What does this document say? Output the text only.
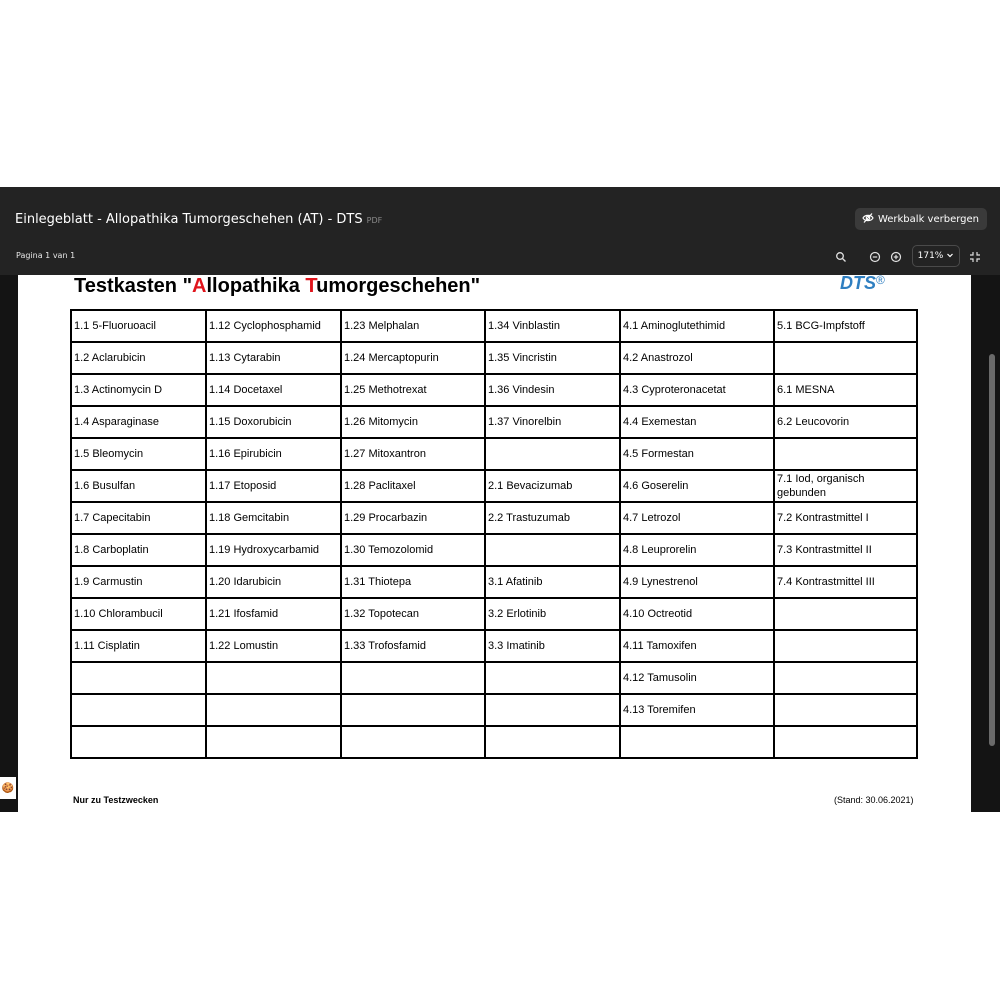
Einlegeblatt - Allopathika Tumorgeschehen (AT) - DTS PDF	Werkbalk verbergen
Pagina 1 van 1	171%
Testkasten "Allopathika Tumorgeschehen"	DTS®
1.1 5-Fluoruoacil	1.12 Cyclophosphamid	1.23 Melphalan	1.34 Vinblastin	4.1 Aminoglutethimid	5.1 BCG-Impfstoff
1.2 Aclarubicin	1.13 Cytarabin	1.24 Mercaptopurin	1.35 Vincristin	4.2 Anastrozol	
1.3 Actinomycin D	1.14 Docetaxel	1.25 Methotrexat	1.36 Vindesin	4.3 Cyproteronacetat	6.1 MESNA
1.4 Asparaginase	1.15 Doxorubicin	1.26 Mitomycin	1.37 Vinorelbin	4.4 Exemestan	6.2 Leucovorin
1.5 Bleomycin	1.16 Epirubicin	1.27 Mitoxantron		4.5 Formestan	
1.6 Busulfan	1.17 Etoposid	1.28 Paclitaxel	2.1 Bevacizumab	4.6 Goserelin	7.1 Iod, organisch gebunden
1.7 Capecitabin	1.18 Gemcitabin	1.29 Procarbazin	2.2 Trastuzumab	4.7 Letrozol	7.2 Kontrastmittel I
1.8 Carboplatin	1.19 Hydroxycarbamid	1.30 Temozolomid		4.8 Leuprorelin	7.3 Kontrastmittel II
1.9 Carmustin	1.20 Idarubicin	1.31 Thiotepa	3.1 Afatinib	4.9 Lynestrenol	7.4 Kontrastmittel III
1.10 Chlorambucil	1.21 Ifosfamid	1.32 Topotecan	3.2 Erlotinib	4.10 Octreotid	
1.11 Cisplatin	1.22 Lomustin	1.33 Trofosfamid	3.3 Imatinib	4.11 Tamoxifen	
				4.12 Tamusolin	
				4.13 Toremifen	

Nur zu Testzwecken	(Stand: 30.06.2021)
🍪
